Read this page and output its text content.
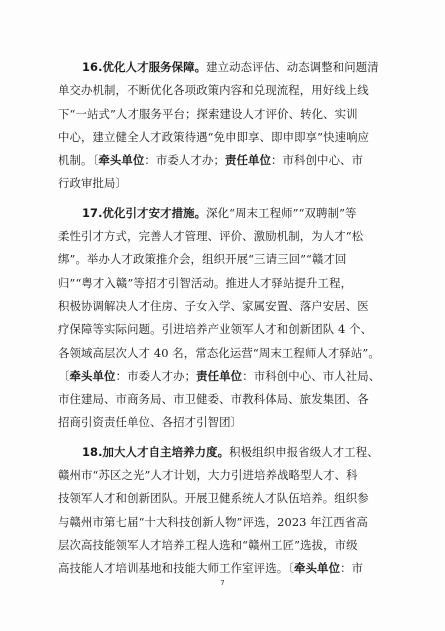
16.优化人才服务保障。建立动态评估、动态调整和问题清
单交办机制，不断优化各项政策内容和兑现流程，用好线上线
下“一站式”人才服务平台；探索建设人才评价、转化、实训
中心，建立健全人才政策待遇“免申即享、即申即享”快速响应
机制。〔牵头单位：市委人才办；责任单位：市科创中心、市
行政审批局〕
17.优化引才安才措施。深化“周末工程师”“双聘制”等
柔性引才方式，完善人才管理、评价、激励机制，为人才“松
绑”。举办人才政策推介会，组织开展“三请三回”“赣才回
归”“粤才入赣”等招才引智活动。推进人才驿站提升工程，
积极协调解决人才住房、子女入学、家属安置、落户安居、医
疗保障等实际问题。引进培养产业领军人才和创新团队 4 个、
各领域高层次人才 40 名，常态化运营“周末工程师人才驿站”。
〔牵头单位：市委人才办；责任单位：市科创中心、市人社局、
市住建局、市商务局、市卫健委、市教科体局、旅发集团、各
招商引资责任单位、各招才引智团〕
18.加大人才自主培养力度。积极组织申报省级人才工程、
赣州市“苏区之光”人才计划，大力引进培养战略型人才、科
技领军人才和创新团队。开展卫健系统人才队伍培养。组织参
与赣州市第七届“十大科技创新人物”评选，2023 年江西省高
层次高技能领军人才培养工程人选和“赣州工匠”选拔，市级
高技能人才培训基地和技能大师工作室评选。〔牵头单位：市
7
